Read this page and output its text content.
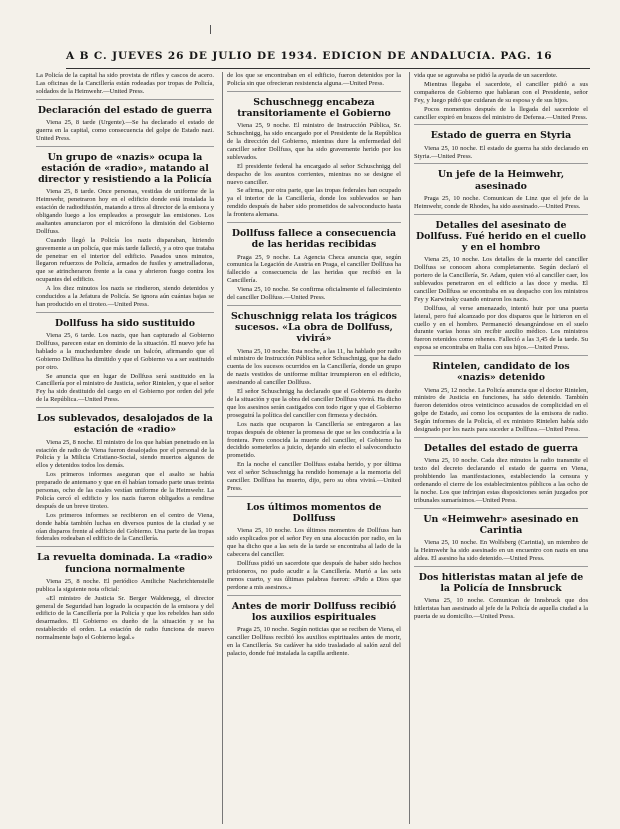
A B C. JUEVES 26 DE JULIO DE 1934. EDICION DE ANDALUCIA. PAG. 16

La Policía de la capital ha sido provista de rifles y cascos de acero. Las oficinas de la Cancillería están rodeadas por tropas de Policía, soldados de la Heimwehr.—United Press.

Declaración del estado de guerra

Viena 25, 8 tarde (Urgente).—Se ha declarado el estado de guerra en la capital, como consecuencia del golpe de Estado nazi. United Press.

Un grupo de «nazis» ocupa la estación de «radio», matando al director y resistiendo a la Policía

Viena 25, 8 tarde. Once personas, vestidas de uniforme de la Heimwehr, penetraron hoy en el edificio donde está instalada la estación de radiodifusión, matando a tiros al director de la emisora y obligando luego a los empleados a proseguir las emisiones. Los asaltantes anunciaron por el micrófono la dimisión del Gobierno Dollfuss.

Cuando llegó la Policía los nazis disparaban, hiriendo gravemente a un policía, que más tarde falleció, y a otro que trataba de penetrar en el interior del edificio. Pasados unos minutos, llegaron refuerzos de Policía, armados de fusiles y ametralladoras, que se atrincheraron frente a la casa y abrieron fuego contra los ocupantes del edificio.

A los diez minutos los nazis se rindieron, siendo detenidos y conducidos a la Jefatura de Policía. Se ignora aún cuántas bajas se han producido en el tiroteo.—United Press.

Dollfuss ha sido sustituido

Viena 25, 6 tarde. Los nazis, que han capturado al Gobierno Dollfuss, parecen estar en dominio de la situación. El nuevo jefe ha hablado a la muchedumbre desde un balcón, afirmando que el Gobierno Dollfuss ha dimitido y que el Gobierno va a ser sustituido por otro.

Se anuncia que en lugar de Dollfuss será sustituido en la Cancillería por el ministro de Justicia, señor Rintelen, y que el señor Fey ha sido destituido del cargo en el Gobierno por orden del jefe de la República.—United Press.

Los sublevados, desalojados de la estación de «radio»

Viena 25, 8 noche. El ministro de los que habían penetrado en la estación de radio de Viena fueron desalojados por el personal de la Policía y la Milicia Cristiano-Social, siendo muertos algunos de ellos y detenidos todos los demás.

Los primeros informes aseguran que el asalto se había preparado de antemano y que en él habían tomado parte unas treinta personas, ocho de las cuales vestían uniforme de la Heimwehr. La Policía cercó el edificio y los nazis fueron obligados a rendirse después de un breve tiroteo.

Los primeros informes se recibieron en el centro de Viena, donde había también luchas en diversos puntos de la ciudad y se oían disparos frente al edificio del Gobierno. Una parte de las tropas federales rodeaban el edificio de la Cancillería.

La revuelta dominada. La «radio» funciona normalmente

Viena 25, 8 noche. El periódico Amtliche Nachrichtenstelle publica la siguiente nota oficial:

«El ministro de Justicia Sr. Berger Waldenegg, el director general de Seguridad han logrado la ocupación de la emisora y del edificio de la Cancillería por la Policía y que los rebeldes han sido desarmados. El Gobierno es dueño de la situación y se ha restablecido el orden. La estación de radio funciona de nuevo normalmente bajo el Gobierno legal.»

de los que se encontraban en el edificio, fueron detenidos por la Policía sin que ofrecieran resistencia alguna.—United Press.

Schuschnegg encabeza transitoriamente el Gobierno

Viena 25, 9 noche. El ministro de Instrucción Pública, Sr. Schuschnigg, ha sido encargado por el Presidente de la República de la dirección del Gobierno, mientras dure la enfermedad del canciller señor Dollfuss, que ha sido gravemente herido por los sublevados.

El presidente federal ha encargado al señor Schuschnigg del despacho de los asuntos corrientes, mientras no se designe el nuevo canciller.

Se afirma, por otra parte, que las tropas federales han ocupado ya el interior de la Cancillería, donde los sublevados se han rendido después de haber sido prometidos de salvoconducto hasta la frontera alemana.

Dollfuss fallece a consecuencia de las heridas recibidas

Praga 25, 9 noche. La Agencia Checa anuncia que, según comunica la Legación de Austria en Praga, el canciller Dollfuss ha fallecido a consecuencia de las heridas que recibió en la Cancillería.

Viena 25, 10 noche. Se confirma oficialmente el fallecimiento del canciller Dollfuss.—United Press.

Schuschnigg relata los trágicos sucesos. «La obra de Dollfuss, vivirá»

Viena 25, 10 noche. Esta noche, a las 11, ha hablado por radio el ministro de Instrucción Pública señor Schuschnigg, que ha dado cuenta de los sucesos ocurridos en la Cancillería, donde un grupo de nazis vestidos de uniforme militar irrumpieron en el edificio, asesinando al canciller Dollfuss.

El señor Schuschnigg ha declarado que el Gobierno es dueño de la situación y que la obra del canciller Dollfuss vivirá. Ha dicho que los asesinos serán castigados con todo rigor y que el Gobierno proseguirá la política del canciller con firmeza y decisión.

Los nazis que ocuparon la Cancillería se entregaron a las tropas después de obtener la promesa de que se les conduciría a la frontera. Pero conocida la muerte del canciller, el Gobierno ha decidido someterlos a juicio, dejando sin efecto el salvoconducto prometido.

En la noche el canciller Dollfuss estaba herido, y por última vez el señor Schuschnigg ha rendido homenaje a la memoria del canciller. Dollfuss ha muerto, dijo, pero su obra vivirá.—United Press.

Los últimos momentos de Dollfuss

Viena 25, 10 noche. Los últimos momentos de Dollfuss han sido explicados por el señor Fey en una alocución por radio, en la que ha dicho que a las seis de la tarde se encontraba al lado de la cabecera del canciller.

Dollfuss pidió un sacerdote que después de haber sido hechos prisioneros, no pudo acudir a la Cancillería. Murió a las seis menos cuarto, y sus últimas palabras fueron: «Pido a Dios que perdone a mis asesinos.»

Antes de morir Dollfuss recibió los auxilios espirituales

Praga 25, 10 noche. Según noticias que se reciben de Viena, el canciller Dollfuss recibió los auxilios espirituales antes de morir, en la Cancillería. Su cadáver ha sido trasladado al salón azul del palacio, donde fué instalada la capilla ardiente.

vida que se agravaba se pidió la ayuda de un sacerdote.

Mientras llegaba el sacerdote, el canciller pidió a sus compañeros de Gobierno que hablaran con el Presidente, señor Fey, y luego pidió que cuidaran de su esposa y de sus hijos.

Pocos momentos después de la llegada del sacerdote el canciller expiró en brazos del ministro de Defensa.—United Press.

Estado de guerra en Styria

Viena 25, 10 noche. El estado de guerra ha sido declarado en Styria.—United Press.

Un jefe de la Heimwehr, asesinado

Praga 25, 10 noche. Comunican de Linz que el jefe de la Heimwehr, conde de Rhodes, ha sido asesinado.—United Press.

Detalles del asesinato de Dollfuss. Fué herido en el cuello y en el hombro

Viena 25, 10 noche. Los detalles de la muerte del canciller Dollfuss se conocen ahora completamente. Según declaró el portero de la Cancillería, Sr. Adam, quien vió al canciller caer, los sublevados penetraron en el edificio a las doce y media. El canciller Dollfuss se encontraba en su despacho con los ministros Fey y Karwinsky cuando entraron los nazis.

Dollfuss, al verse amenazado, intentó huir por una puerta lateral, pero fué alcanzado por dos disparos que le hirieron en el cuello y en el hombro. Permaneció desangrándose en el suelo durante varias horas sin recibir auxilio médico. Los ministros fueron retenidos como rehenes. Falleció a las 3,45 de la tarde. Su esposa se encontraba en Italia con sus hijos.—United Press.

Rintelen, candidato de los «nazis» detenido

Viena 25, 12 noche. La Policía anuncia que el doctor Rintelen, ministro de Justicia en funciones, ha sido detenido. También fueron detenidos otros veinticinco acusados de complicidad en el golpe de Estado, así como los ocupantes de la emisora de radio. Según informes de la Policía, el ex ministro Rintelen había sido designado por los nazis para suceder a Dollfuss.—United Press.

Detalles del estado de guerra

Viena 25, 10 noche. Cada diez minutos la radio transmite el texto del decreto declarando el estado de guerra en Viena, prohibiendo las manifestaciones, estableciendo la censura y ordenando el cierre de los establecimientos públicos a las ocho de la noche. Los que infrinjan estas disposiciones serán juzgados por tribunales sumarísimos.—United Press.

Un «Heimwehr» asesinado en Carintia

Viena 25, 10 noche. En Wolfsberg (Carintia), un miembro de la Heimwehr ha sido asesinado en un encuentro con nazis en una aldea. El asesino ha sido detenido.—United Press.

Dos hitleristas matan al jefe de la Policía de Innsbruck

Viena 25, 10 noche. Comunican de Innsbruck que dos hitleristas han asesinado al jefe de la Policía de aquella ciudad a la puerta de su domicilio.—United Press.
